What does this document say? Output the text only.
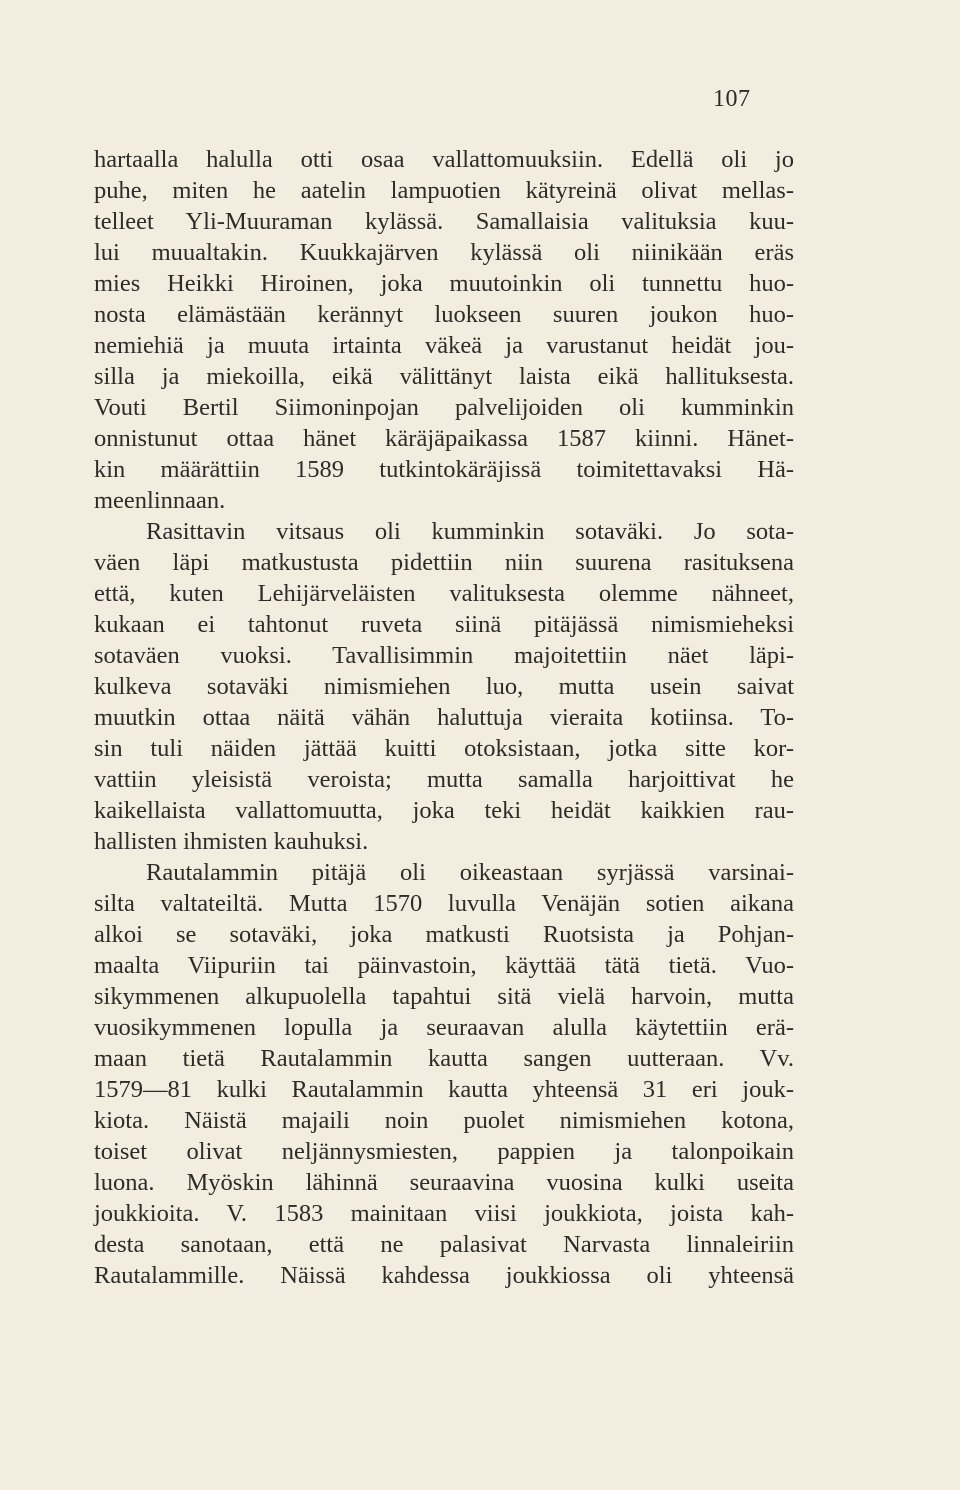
107
hartaalla halulla otti osaa vallattomuuksiin. Edellä oli jo
puhe, miten he aatelin lampuotien kätyreinä olivat mellas-
telleet Yli-Muuraman kylässä. Samallaisia valituksia kuu-
lui muualtakin. Kuukkajärven kylässä oli niinikään eräs
mies Heikki Hiroinen, joka muutoinkin oli tunnettu huo-
nosta elämästään kerännyt luokseen suuren joukon huo-
nemiehiä ja muuta irtainta väkeä ja varustanut heidät jou-
silla ja miekoilla, eikä välittänyt laista eikä hallituksesta.
Vouti Bertil Siimoninpojan palvelijoiden oli kumminkin
onnistunut ottaa hänet käräjäpaikassa 1587 kiinni. Hänet-
kin määrättiin 1589 tutkintokäräjissä toimitettavaksi Hä-
meenlinnaan.
Rasittavin vitsaus oli kumminkin sotaväki. Jo sota-
väen läpi matkustusta pidettiin niin suurena rasituksena
että, kuten Lehijärveläisten valituksesta olemme nähneet,
kukaan ei tahtonut ruveta siinä pitäjässä nimismieheksi
sotaväen vuoksi. Tavallisimmin majoitettiin näet läpi-
kulkeva sotaväki nimismiehen luo, mutta usein saivat
muutkin ottaa näitä vähän haluttuja vieraita kotiinsa. To-
sin tuli näiden jättää kuitti otoksistaan, jotka sitte kor-
vattiin yleisistä veroista; mutta samalla harjoittivat he
kaikellaista vallattomuutta, joka teki heidät kaikkien rau-
hallisten ihmisten kauhuksi.
Rautalammin pitäjä oli oikeastaan syrjässä varsinai-
silta valtateiltä. Mutta 1570 luvulla Venäjän sotien aikana
alkoi se sotaväki, joka matkusti Ruotsista ja Pohjan-
maalta Viipuriin tai päinvastoin, käyttää tätä tietä. Vuo-
sikymmenen alkupuolella tapahtui sitä vielä harvoin, mutta
vuosikymmenen lopulla ja seuraavan alulla käytettiin erä-
maan tietä Rautalammin kautta sangen uutteraan. Vv.
1579—81 kulki Rautalammin kautta yhteensä 31 eri jouk-
kiota. Näistä majaili noin puolet nimismiehen kotona,
toiset olivat neljännysmiesten, pappien ja talonpoikain
luona. Myöskin lähinnä seuraavina vuosina kulki useita
joukkioita. V. 1583 mainitaan viisi joukkiota, joista kah-
desta sanotaan, että ne palasivat Narvasta linnaleiriin
Rautalammille. Näissä kahdessa joukkiossa oli yhteensä
